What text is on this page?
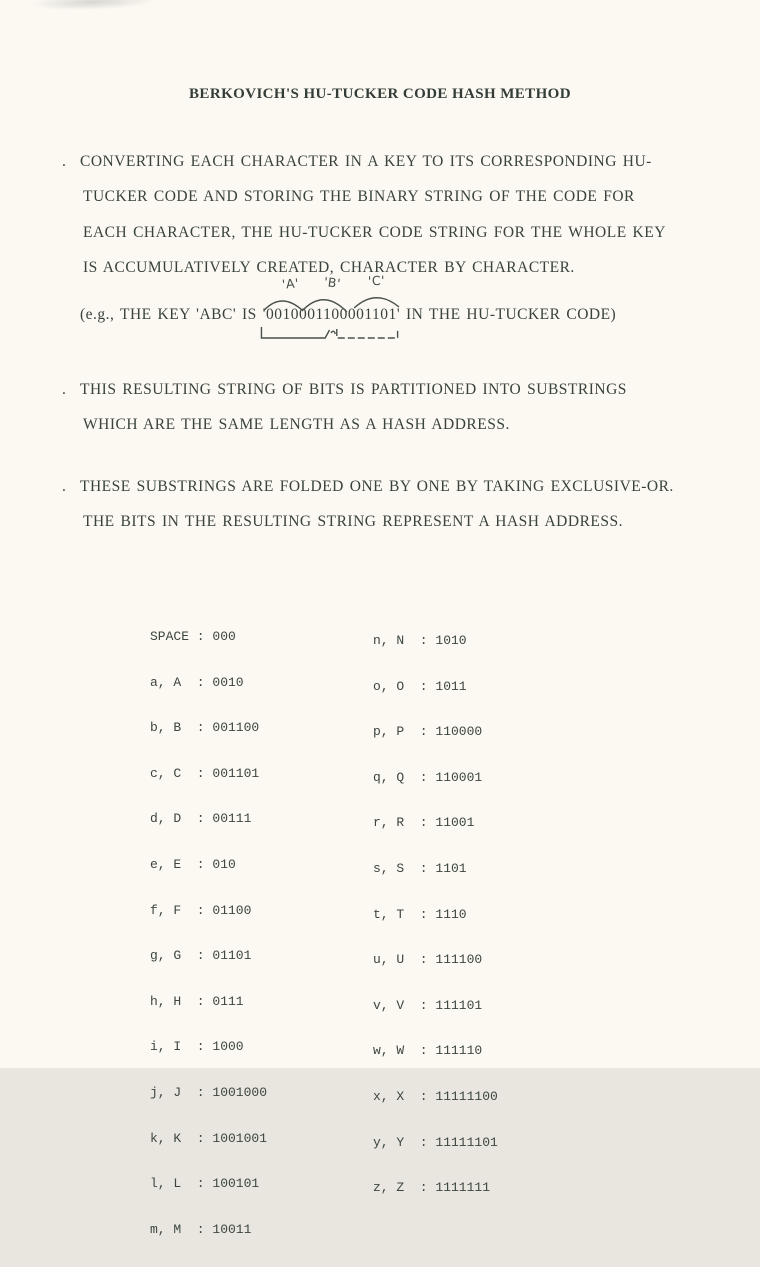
BERKOVICH'S HU-TUCKER CODE HASH METHOD
. CONVERTING EACH CHARACTER IN A KEY TO ITS CORRESPONDING HU-
TUCKER CODE AND STORING THE BINARY STRING OF THE CODE FOR
EACH CHARACTER, THE HU-TUCKER CODE STRING FOR THE WHOLE KEY
IS ACCUMULATIVELY CREATED, CHARACTER BY CHARACTER.
(e.g., THE KEY 'ABC' IS '
'A' 'B' 'C'
0010001100001101' IN THE HU-TUCKER CODE)
. THIS RESULTING STRING OF BITS IS PARTITIONED INTO SUBSTRINGS
WHICH ARE THE SAME LENGTH AS A HASH ADDRESS.
. THESE SUBSTRINGS ARE FOLDED ONE BY ONE BY TAKING EXCLUSIVE-OR.
THE BITS IN THE RESULTING STRING REPRESENT A HASH ADDRESS.

SPACE : 000

a, A : 0010

b, B : 001100

c, C : 001101

d, D : 00111

e, E : 010

f, F : 01100

g, G : 01101

h, H : 0111

i, I : 1000

j, J : 1001000

k, K : 1001001

l, L : 100101

m, M : 10011

n, N : 1010

o, O : 1011

p, P : 110000

q, Q : 110001

r, R : 11001

s, S : 1101

t, T : 1110

u, U : 111100

v, V : 111101

w, W : 111110

x, X : 11111100

y, Y : 11111101

z, Z : 1111111
